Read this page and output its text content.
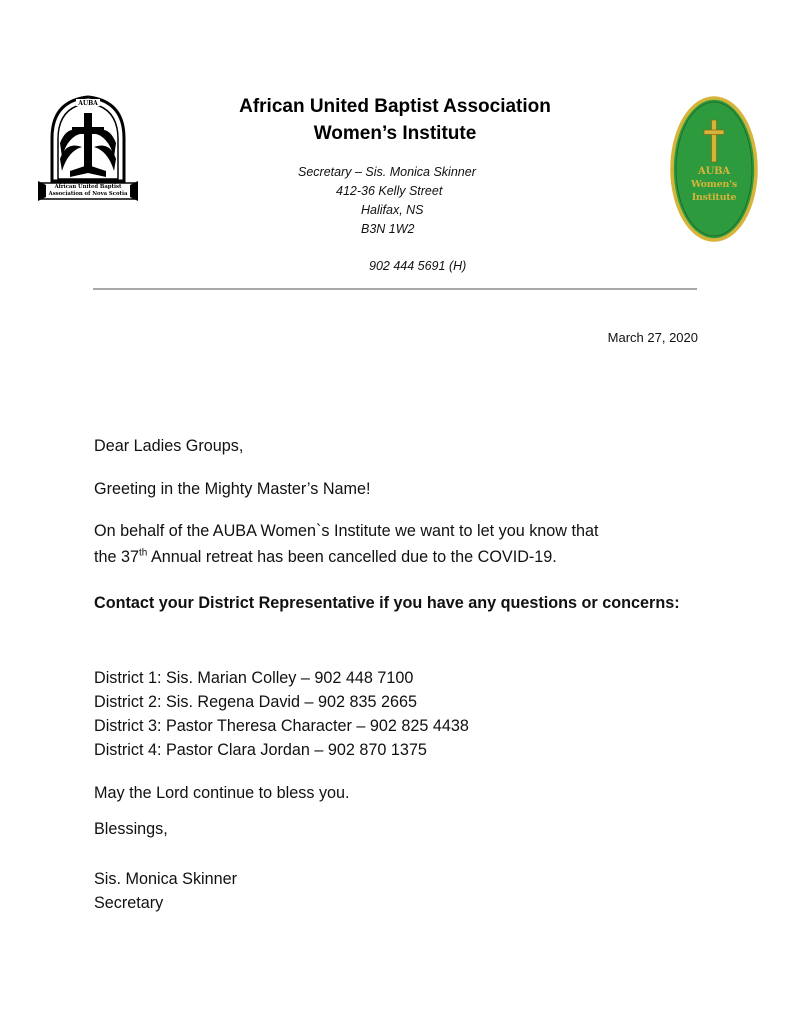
AUBA
African United Baptist
Association of Nova Scotia
African United Baptist Association
Women’s Institute
Secretary – Sis. Monica Skinner
412-36 Kelly Street
Halifax, NS
B3N 1W2
902 444 5691 (H)
AUBA
Women's Institute
March 27, 2020
Dear Ladies Groups,
Greeting in the Mighty Master’s Name!
On behalf of the AUBA Women`s Institute we want to let you know that
the 37th Annual retreat has been cancelled due to the COVID-19.
Contact your District Representative if you have any questions or concerns:
District 1: Sis. Marian Colley – 902 448 7100
District 2: Sis. Regena David – 902 835 2665
District 3: Pastor Theresa Character – 902 825 4438
District 4: Pastor Clara Jordan – 902 870 1375
May the Lord continue to bless you.
Blessings,
Sis. Monica Skinner
Secretary
